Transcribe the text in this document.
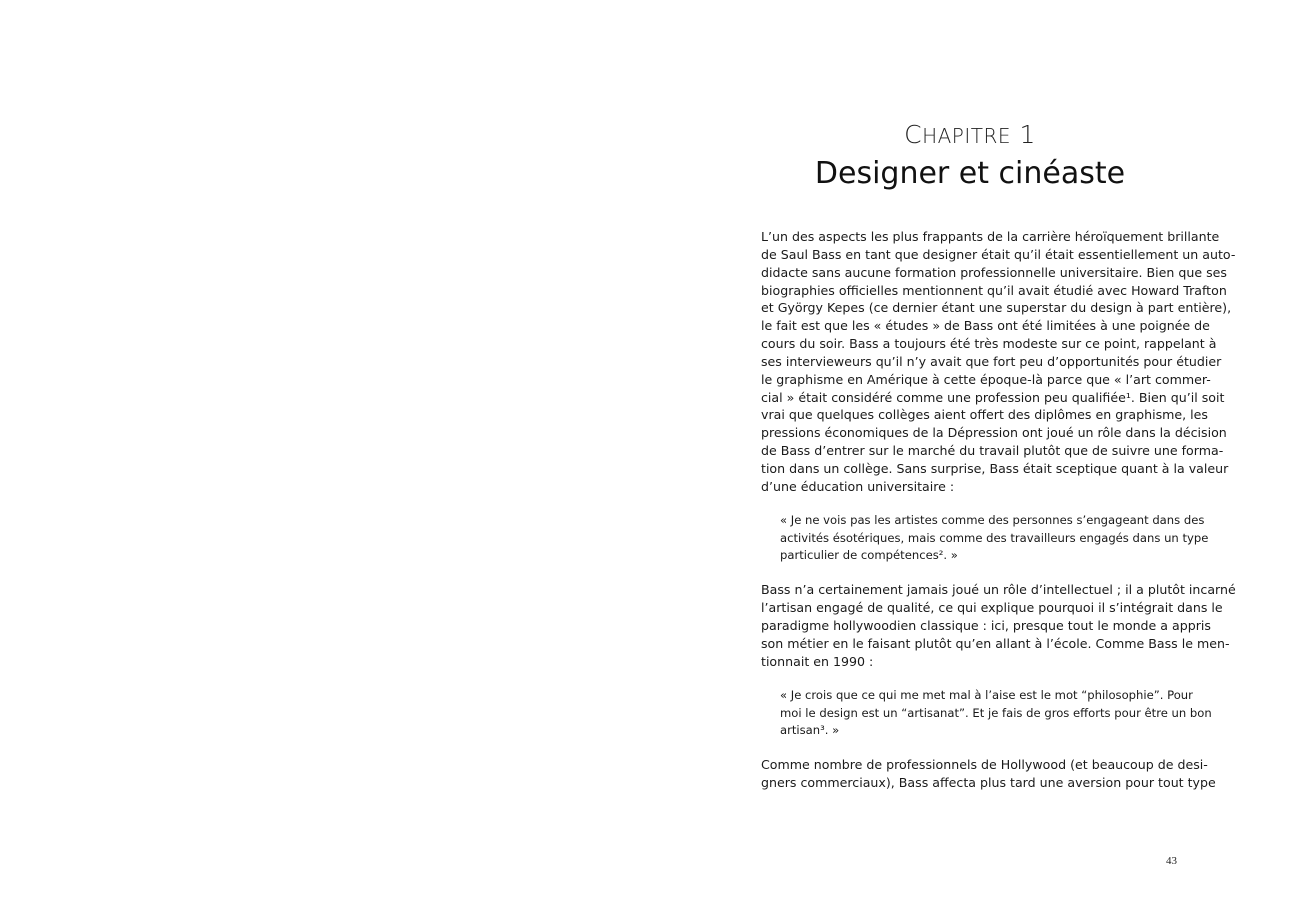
CHAPITRE 1
Designer et cinéaste

L’un des aspects les plus frappants de la carrière héroïquement brillante
de Saul Bass en tant que designer était qu’il était essentiellement un auto-
didacte sans aucune formation professionnelle universitaire. Bien que ses
biographies officielles mentionnent qu’il avait étudié avec Howard Trafton
et György Kepes (ce dernier étant une superstar du design à part entière),
le fait est que les « études » de Bass ont été limitées à une poignée de
cours du soir. Bass a toujours été très modeste sur ce point, rappelant à
ses intervieweurs qu’il n’y avait que fort peu d’opportunités pour étudier
le graphisme en Amérique à cette époque-là parce que « l’art commer-
cial » était considéré comme une profession peu qualifiée¹. Bien qu’il soit
vrai que quelques collèges aient offert des diplômes en graphisme, les
pressions économiques de la Dépression ont joué un rôle dans la décision
de Bass d’entrer sur le marché du travail plutôt que de suivre une forma-
tion dans un collège. Sans surprise, Bass était sceptique quant à la valeur
d’une éducation universitaire :

« Je ne vois pas les artistes comme des personnes s’engageant dans des
activités ésotériques, mais comme des travailleurs engagés dans un type
particulier de compétences². »

Bass n’a certainement jamais joué un rôle d’intellectuel ; il a plutôt incarné
l’artisan engagé de qualité, ce qui explique pourquoi il s’intégrait dans le
paradigme hollywoodien classique : ici, presque tout le monde a appris
son métier en le faisant plutôt qu’en allant à l’école. Comme Bass le men-
tionnait en 1990 :

« Je crois que ce qui me met mal à l’aise est le mot “philosophie”. Pour
moi le design est un “artisanat”. Et je fais de gros efforts pour être un bon
artisan³. »

Comme nombre de professionnels de Hollywood (et beaucoup de desi-
gners commerciaux), Bass affecta plus tard une aversion pour tout type

43
